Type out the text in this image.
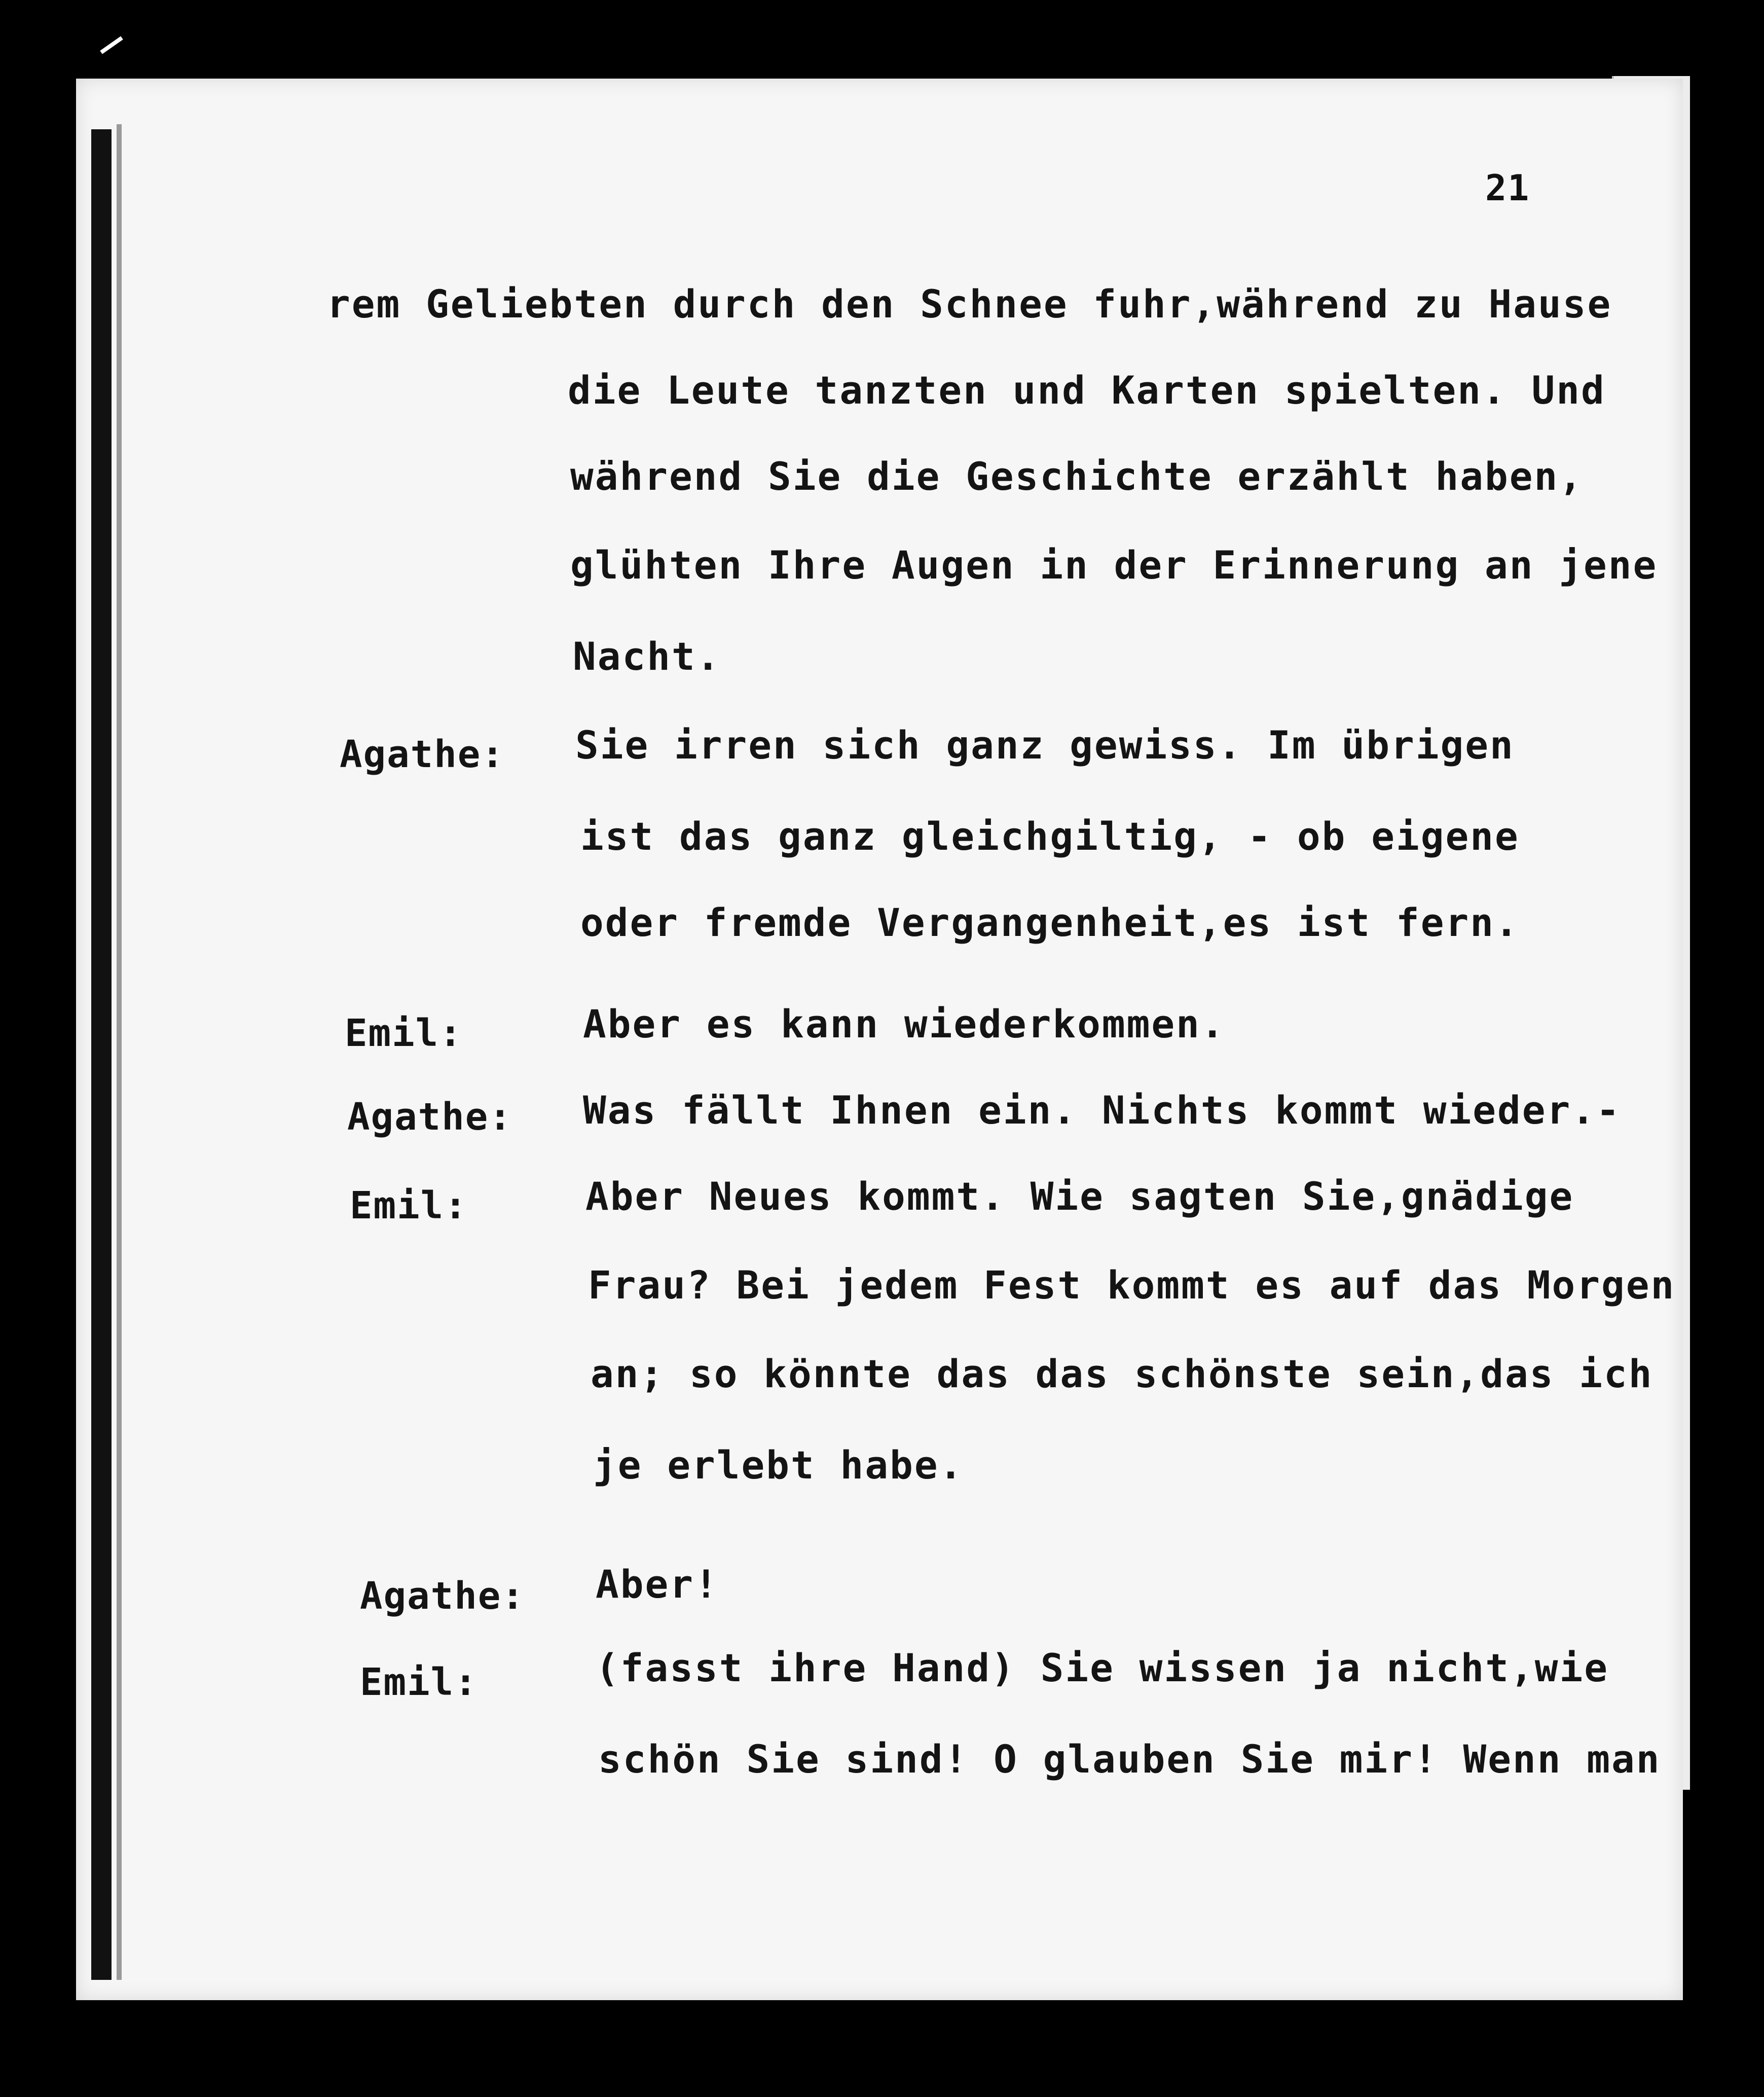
21
rem Geliebten durch den Schnee fuhr,während zu Hause
die Leute tanzten und Karten spielten. Und
während Sie die Geschichte erzählt haben,
glühten Ihre Augen in der Erinnerung an jene
Nacht.
Agathe: Sie irren sich ganz gewiss. Im übrigen
ist das ganz gleichgiltig, - ob eigene
oder fremde Vergangenheit,es ist fern.
Emil:	Aber es kann wiederkommen.
Agathe: Was fällt Ihnen ein. Nichts kommt wieder.-
Emil:	Aber Neues kommt. Wie sagten Sie,gnädige
Frau? Bei jedem Fest kommt es auf das Morgen
an; so könnte das das schönste sein,das ich
je erlebt habe.
Agathe: Aber!
Emil:	(fasst ihre Hand) Sie wissen ja nicht,wie
schön Sie sind! O glauben Sie mir! Wenn man
